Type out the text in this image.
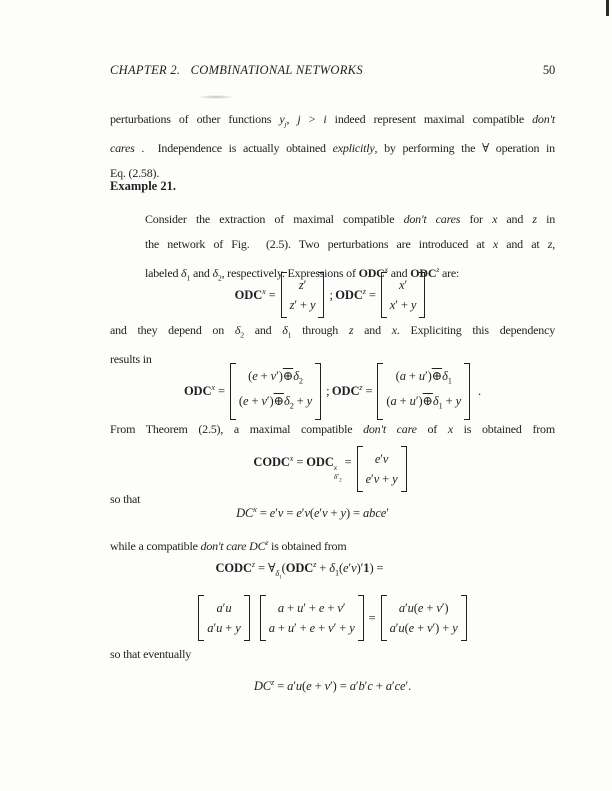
CHAPTER 2.   COMBINATIONAL NETWORKS	50
perturbations of other functions $y_j$, j > i indeed represent maximal compatible don't
cares .  Independence is actually obtained explicitly, by performing the ∀ operation in
Eq. (2.58).
Example 21.
Consider the extraction of maximal compatible don't cares for x and z in
the network of Fig.  (2.5). Two perturbations are introduced at x and at z,
labeled $\delta_1$ and $\delta_2$, respectively. Expressions of ODC$^x$ and ODC$^z$ are:
$ODC^x$ =
z′
z′ + y
; $ODC^z$ =
x′
x′ + y
and they depend on $\delta_2$ and $\delta_1$ through z and x. Expliciting this dependency
results in
$ODC^x$ =
$(e + v')\oplus\delta_2$
$(e + v')\oplus\delta_2 + y$
; $ODC^z$ =
$(a + u')\oplus\delta_1$
$(a + u')\oplus\delta_1 + y$
.
From Theorem (2.5), a maximal compatible don't care of x is obtained from
$CODC^x$ = ODC x
$\delta'_2$
= e′v
e′v + y
so that
$DC^x = e'v = e'v(e'v + y)$ = abce′
while a compatible don't care $DC^z$ is obtained from
$CODC^z$ = $\forall_{\delta_1}(ODC^z + \delta_1(e'v)'1)$ =
a′u
a′u + y
a + u′ + e + v′
a + u′ + e + v′ + y
=
a′u(e + v′)
a′u(e + v′) + y
so that eventually
$DC^z = a'u(e + v') = a'b'c + a'ce'$.
